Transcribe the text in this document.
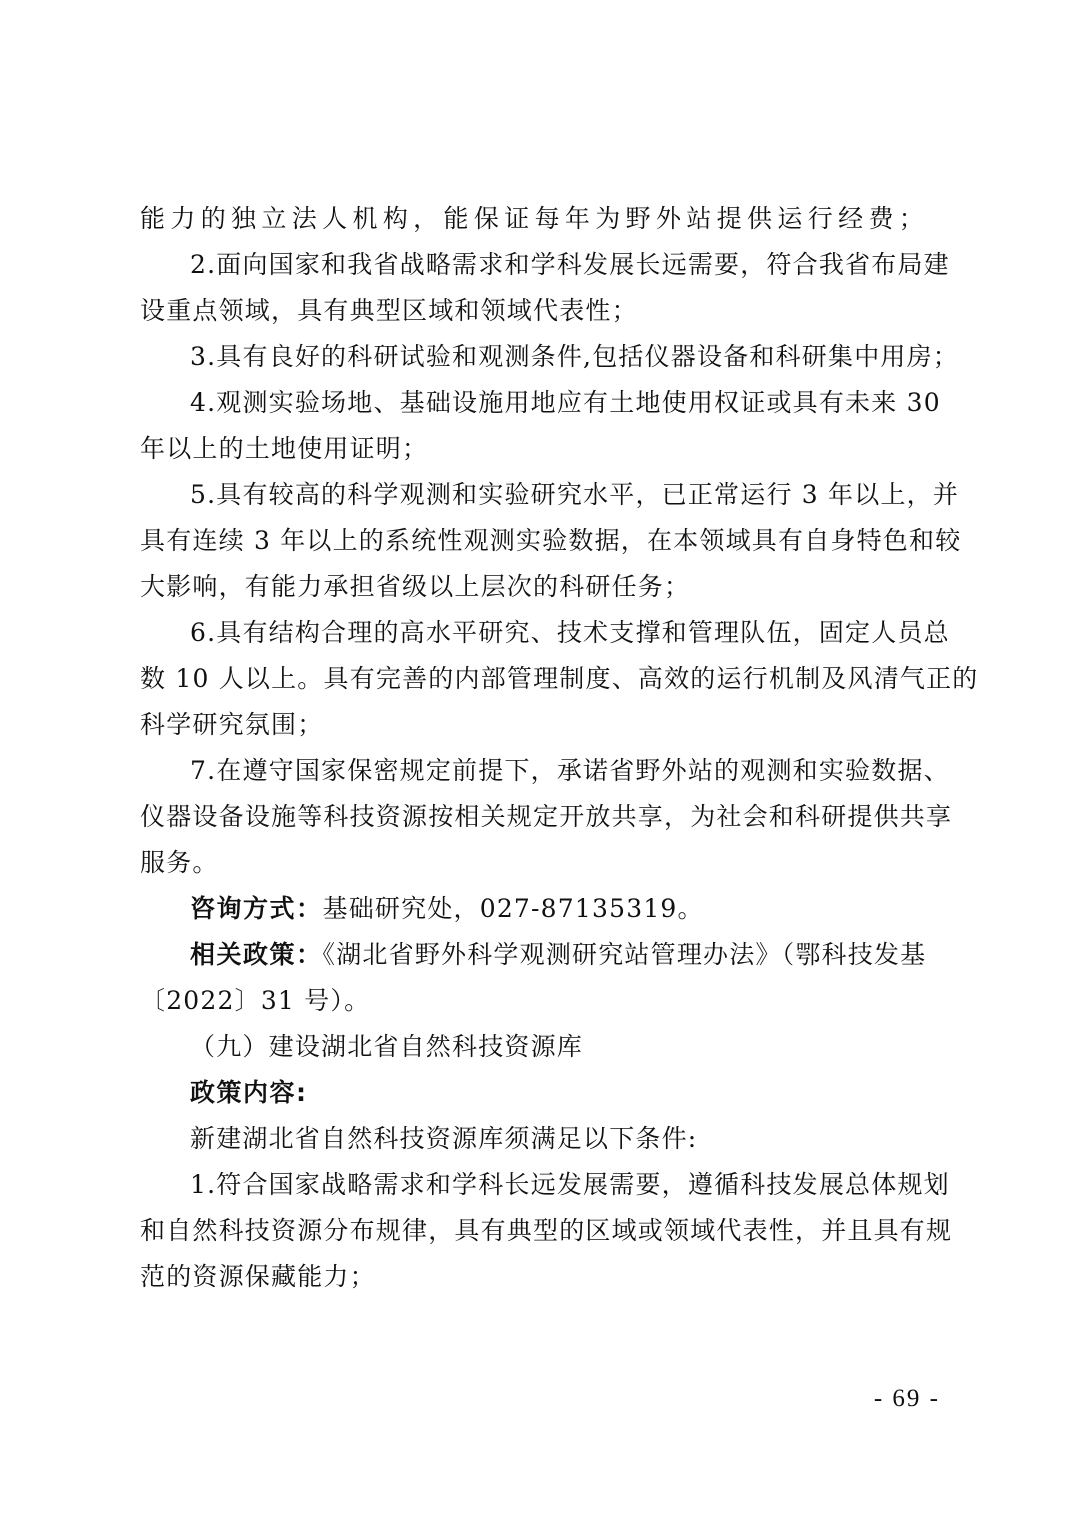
能力的独立法人机构，能保证每年为野外站提供运行经费；
2.面向国家和我省战略需求和学科发展长远需要，符合我省布局建
设重点领域，具有典型区域和领域代表性；
3.具有良好的科研试验和观测条件,包括仪器设备和科研集中用房；
4.观测实验场地、基础设施用地应有土地使用权证或具有未来 30
年以上的土地使用证明；
5.具有较高的科学观测和实验研究水平，已正常运行 3 年以上，并
具有连续 3 年以上的系统性观测实验数据，在本领域具有自身特色和较
大影响，有能力承担省级以上层次的科研任务；
6.具有结构合理的高水平研究、技术支撑和管理队伍，固定人员总
数 10 人以上。具有完善的内部管理制度、高效的运行机制及风清气正的
科学研究氛围；
7.在遵守国家保密规定前提下，承诺省野外站的观测和实验数据、
仪器设备设施等科技资源按相关规定开放共享，为社会和科研提供共享
服务。
咨询方式：基础研究处，027-87135319。
相关政策：《湖北省野外科学观测研究站管理办法》（鄂科技发基
〔2022〕31 号）。
（九）建设湖北省自然科技资源库
政策内容:
新建湖北省自然科技资源库须满足以下条件:
1.符合国家战略需求和学科长远发展需要，遵循科技发展总体规划
和自然科技资源分布规律，具有典型的区域或领域代表性，并且具有规
范的资源保藏能力；
- 69 -
